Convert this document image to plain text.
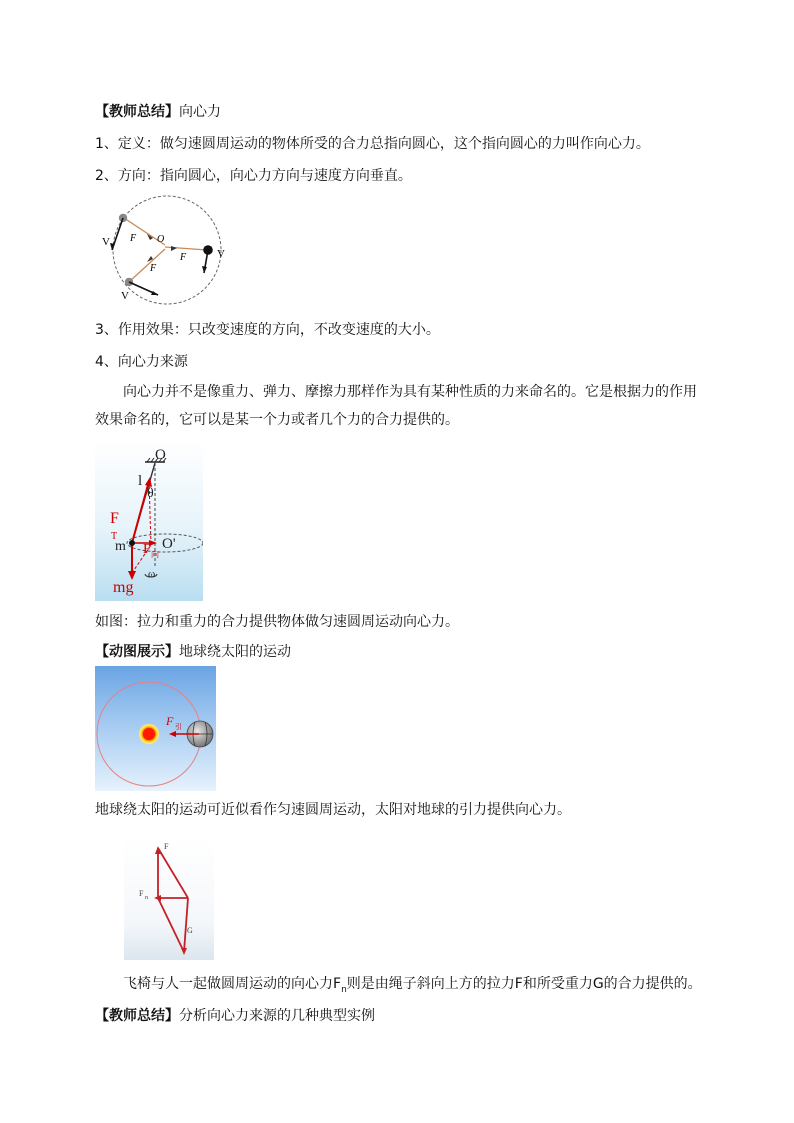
【教师总结】向心力
1、定义：做匀速圆周运动的物体所受的合力总指向圆心，这个指向圆心的力叫作向心力。
2、方向：指向圆心，向心力方向与速度方向垂直。
O
F
F
F
V
V
V
3、作用效果：只改变速度的方向，不改变速度的大小。
4、向心力来源
向心力并不是像重力、弹力、摩擦力那样作为具有某种性质的力来命名的。它是根据力的作用效果命名的，它可以是某一个力或者几个力的合力提供的。
O
l
θ
F
T
m F 向
O'
ω
mg
如图：拉力和重力的合力提供物体做匀速圆周运动向心力。
【动图展示】地球绕太阳的运动
F 引
地球绕太阳的运动可近似看作匀速圆周运动，太阳对地球的引力提供向心力。
F
F n
G
飞椅与人一起做圆周运动的向心力$F_n$则是由绳子斜向上方的拉力F和所受重力G的合力提供的。
【教师总结】分析向心力来源的几种典型实例
